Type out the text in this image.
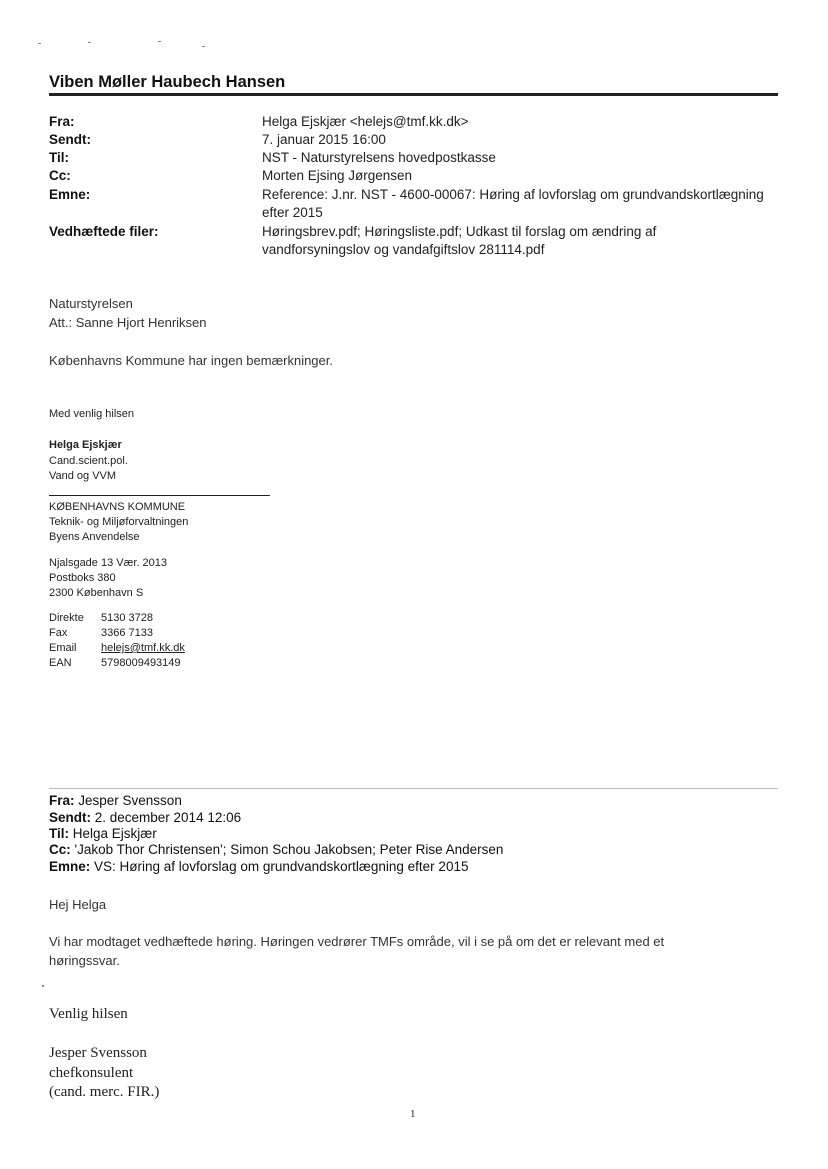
Viben Møller Haubech Hansen
Fra:	Helga Ejskjær <helejs@tmf.kk.dk>
Sendt:	7. januar 2015 16:00
Til:	NST - Naturstyrelsens hovedpostkasse
Cc:	Morten Ejsing Jørgensen
Emne:	Reference: J.nr. NST - 4600-00067: Høring af lovforslag om grundvandskortlægning
efter 2015
Vedhæftede filer:	Høringsbrev.pdf; Høringsliste.pdf; Udkast til forslag om ændring af
vandforsyningslov og vandafgiftslov 281114.pdf
Naturstyrelsen
Att.: Sanne Hjort Henriksen
Københavns Kommune har ingen bemærkninger.
Med venlig hilsen
Helga Ejskjær
Cand.scient.pol.
Vand og VVM
KØBENHAVNS KOMMUNE
Teknik- og Miljøforvaltningen
Byens Anvendelse
Njalsgade 13 Vær. 2013
Postboks 380
2300 København S
Direkte 5130 3728
Fax	3366 7133
Email helejs@tmf.kk.dk
EAN	5798009493149
Fra: Jesper Svensson
Sendt: 2. december 2014 12:06
Til: Helga Ejskjær
Cc: 'Jakob Thor Christensen'; Simon Schou Jakobsen; Peter Rise Andersen
Emne: VS: Høring af lovforslag om grundvandskortlægning efter 2015
Hej Helga
Vi har modtaget vedhæftede høring. Høringen vedrører TMFs område, vil i se på om det er relevant med et
høringssvar.
Venlig hilsen
Jesper Svensson
chefkonsulent
(cand. merc. FIR.)
1
